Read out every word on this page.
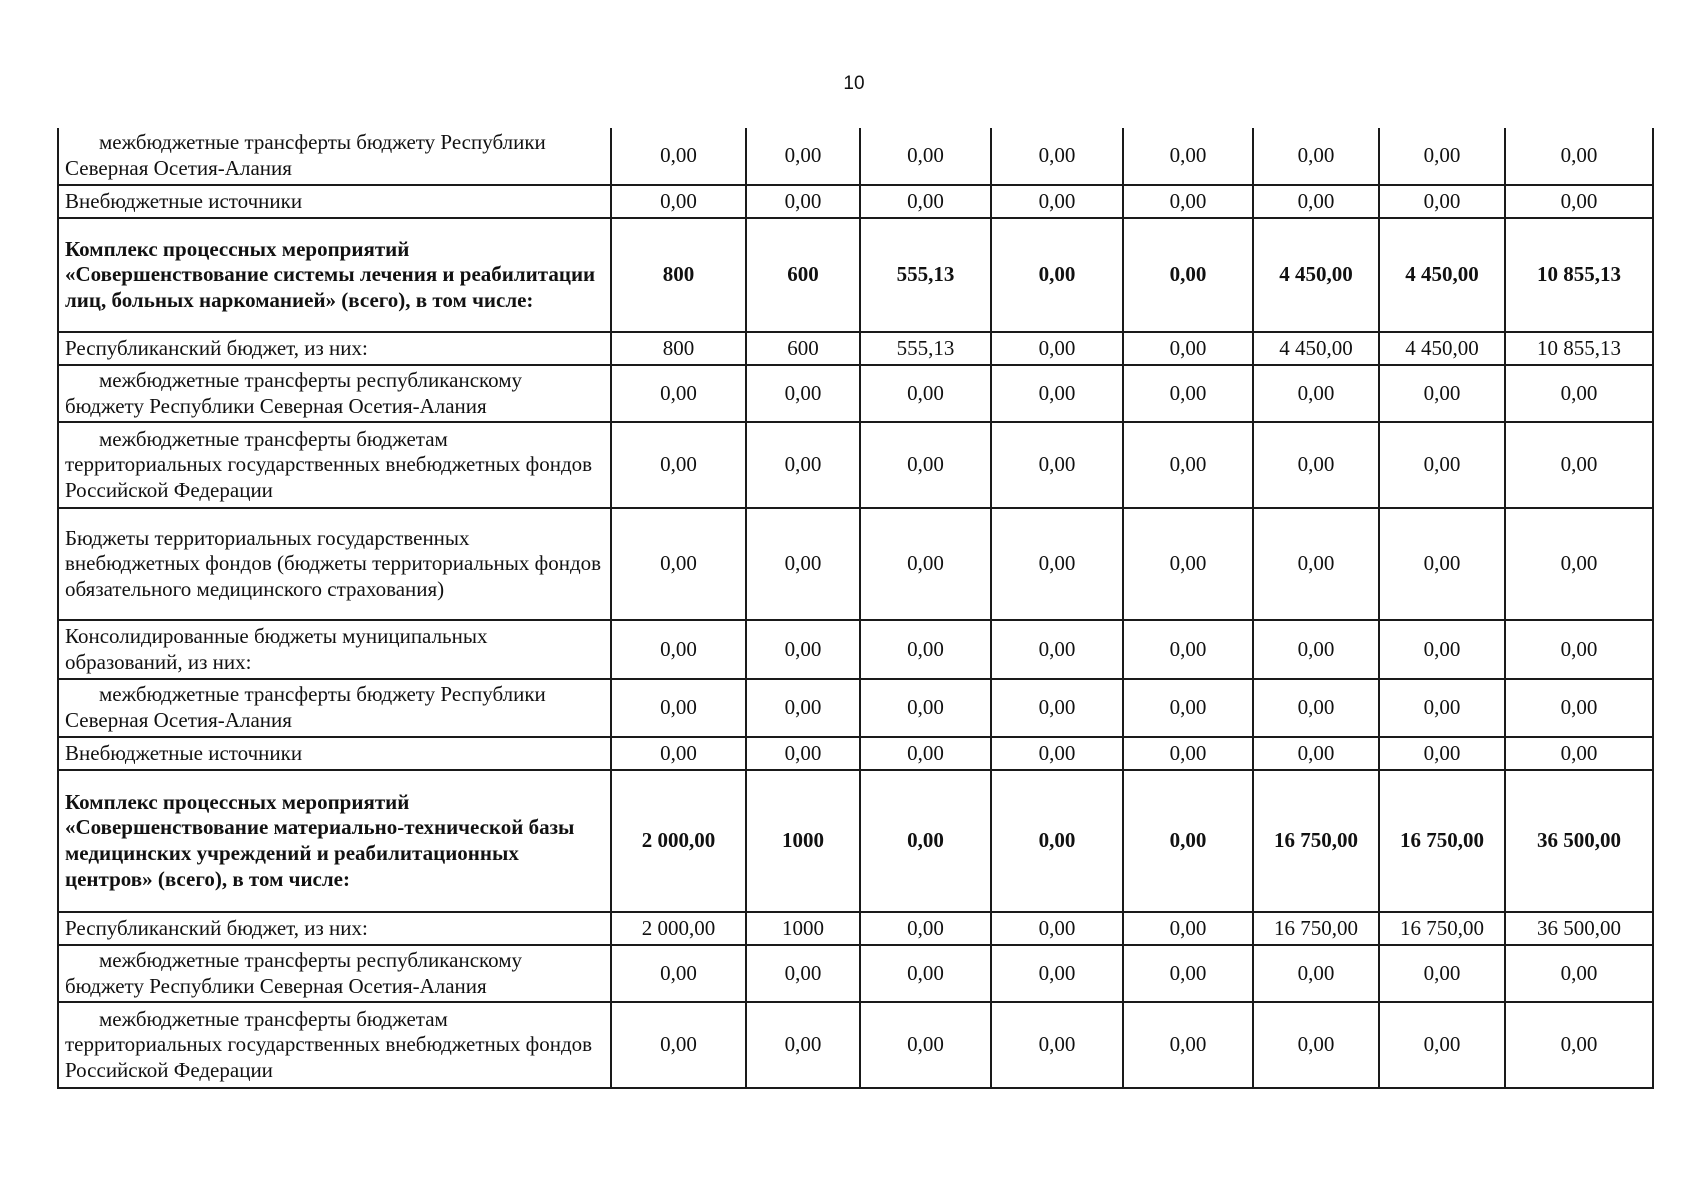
10
межбюджетные трансферты бюджету Республики Северная Осетия-Алания	0,00	0,00	0,00	0,00	0,00	0,00	0,00	0,00
Внебюджетные источники	0,00	0,00	0,00	0,00	0,00	0,00	0,00	0,00
Комплекс процессных мероприятий «Совершенствование системы лечения и реабилитации лиц, больных наркоманией» (всего), в том числе:	800	600	555,13	0,00	0,00	4 450,00	4 450,00	10 855,13
Республиканский бюджет, из них:	800	600	555,13	0,00	0,00	4 450,00	4 450,00	10 855,13

межбюджетные трансферты республиканскому бюджету Республики Северная Осетия-Алания	0,00	0,00	0,00	0,00	0,00	0,00	0,00	0,00

межбюджетные трансферты бюджетам территориальных государственных внебюджетных фондов Российской Федерации	0,00	0,00	0,00	0,00	0,00	0,00	0,00	0,00
Бюджеты территориальных государственных внебюджетных фондов (бюджеты территориальных фондов обязательного медицинского страхования)	0,00	0,00	0,00	0,00	0,00	0,00	0,00	0,00
Консолидированные бюджеты муниципальных образований, из них:	0,00	0,00	0,00	0,00	0,00	0,00	0,00	0,00

межбюджетные трансферты бюджету Республики Северная Осетия-Алания	0,00	0,00	0,00	0,00	0,00	0,00	0,00	0,00
Внебюджетные источники	0,00	0,00	0,00	0,00	0,00	0,00	0,00	0,00
Комплекс процессных мероприятий «Совершенствование материально-технической базы медицинских учреждений и реабилитационных центров» (всего), в том числе:	2 000,00	1000	0,00	0,00	0,00	16 750,00	16 750,00	36 500,00
Республиканский бюджет, из них:	2 000,00	1000	0,00	0,00	0,00	16 750,00	16 750,00	36 500,00

межбюджетные трансферты республиканскому бюджету Республики Северная Осетия-Алания	0,00	0,00	0,00	0,00	0,00	0,00	0,00	0,00

межбюджетные трансферты бюджетам территориальных государственных внебюджетных фондов Российской Федерации	0,00	0,00	0,00	0,00	0,00	0,00	0,00	0,00
